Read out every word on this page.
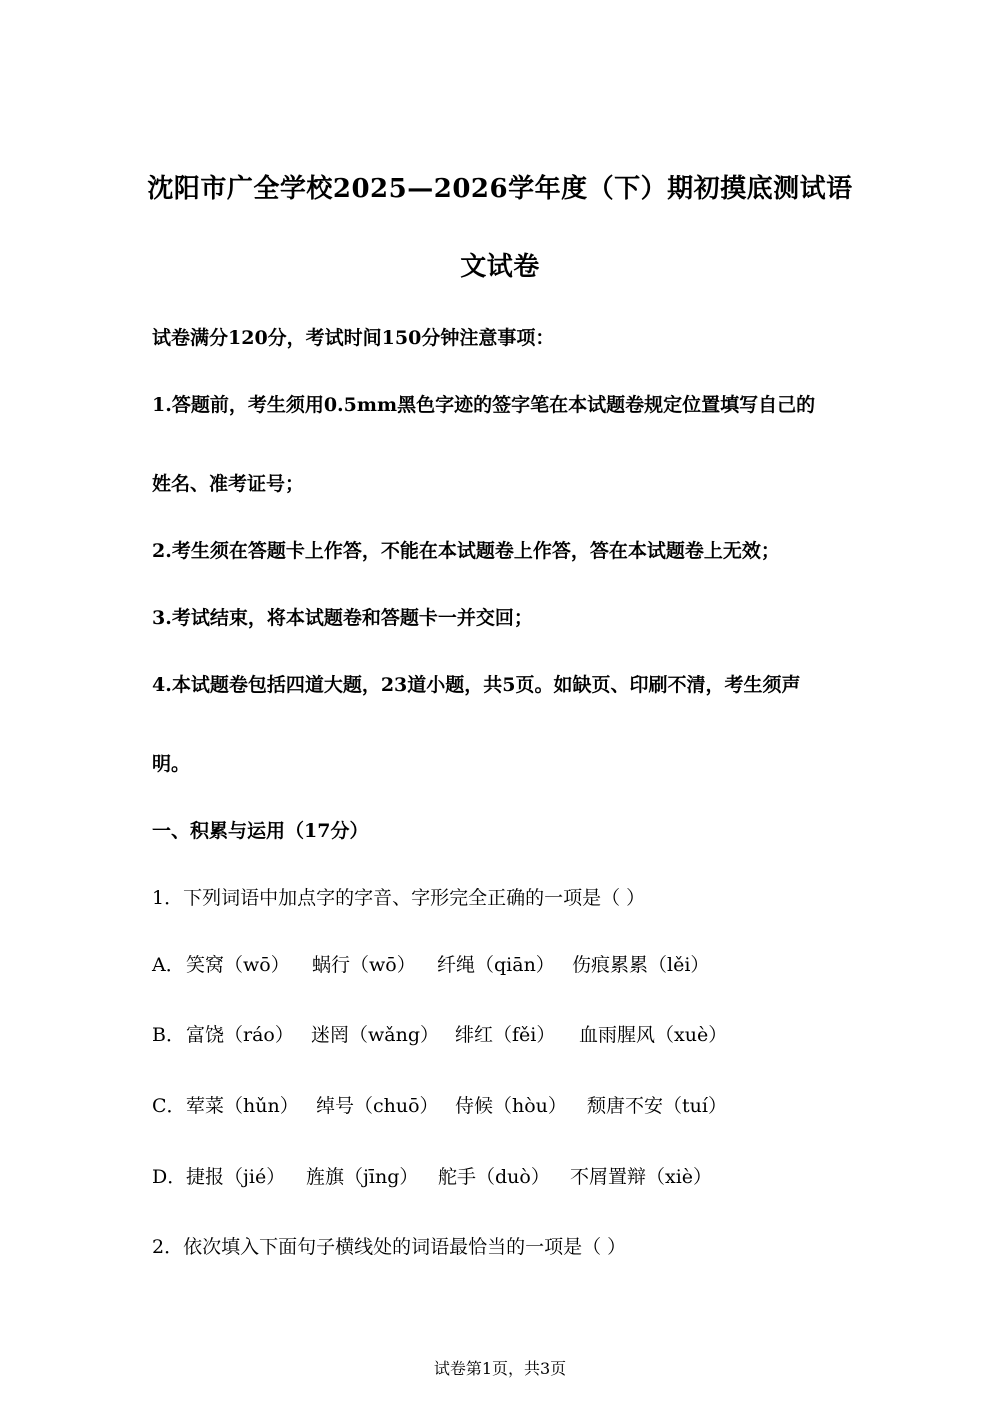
沈阳市广全学校2025—2026学年度（下）期初摸底测试语
文试卷
试卷满分120分，考试时间150分钟注意事项：
1.答题前，考生须用0.5mm黑色字迹的签字笔在本试题卷规定位置填写自己的
姓名、准考证号；
2.考生须在答题卡上作答，不能在本试题卷上作答，答在本试题卷上无效；
3.考试结束，将本试题卷和答题卡一并交回；
4.本试题卷包括四道大题，23道小题，共5页。如缺页、印刷不清，考生须声
明。
一、积累与运用（17分）
1．下列词语中加点字的字音、字形完全正确的一项是（ ）
A． 笑窝（wō） 蜗行（wō） 纤绳（qiān） 伤痕累累（lěi）
B． 富饶（ráo） 迷罔（wǎng） 绯红（fěi） 血雨腥风（xuè）
C． 荤菜（hǔn） 绰号（chuō） 侍候（hòu） 颓唐不安（tuí）
D． 捷报（jié） 旌旗（jīng） 舵手（duò） 不屑置辩（xiè）
2．依次填入下面句子横线处的词语最恰当的一项是（ ）
试卷第1页，共3页
